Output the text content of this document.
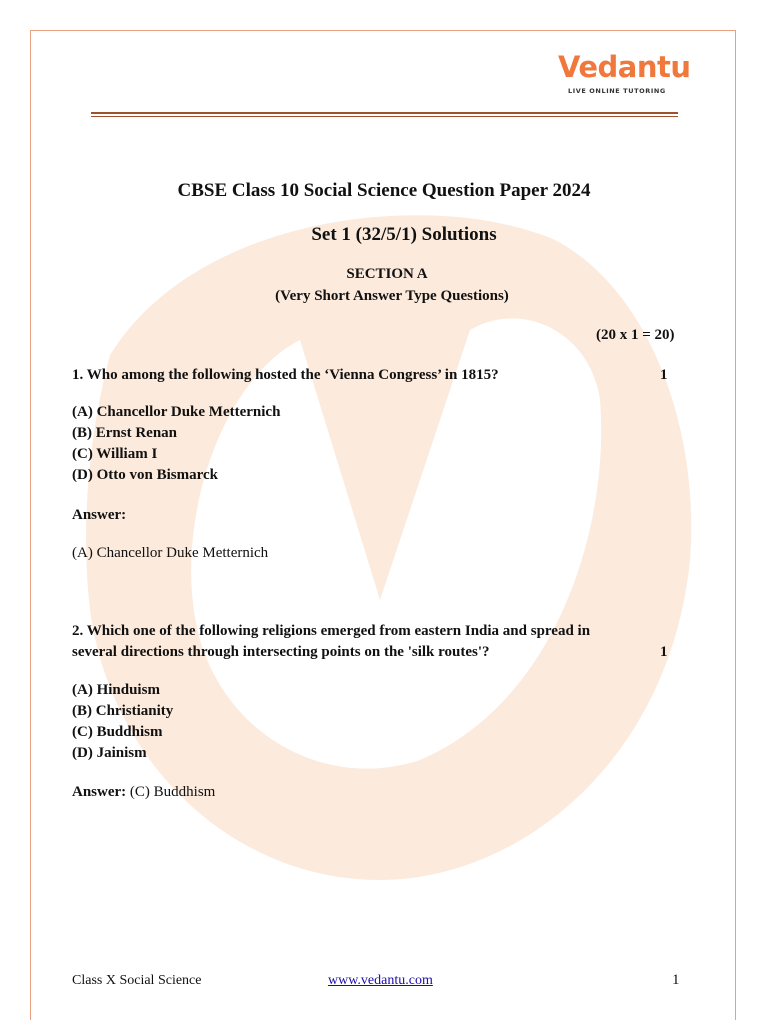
Vedantu
LIVE ONLINE TUTORING
CBSE Class 10 Social Science Question Paper 2024
Set 1 (32/5/1) Solutions
SECTION A
(Very Short Answer Type Questions)
(20 x 1 = 20)
1. Who among the following hosted the ‘Vienna Congress’ in 1815?	1
(A) Chancellor Duke Metternich
(B) Ernst Renan
(C) William I
(D) Otto von Bismarck
Answer:
(A) Chancellor Duke Metternich
2. Which one of the following religions emerged from eastern India and spread in
several directions through intersecting points on the 'silk routes'?	1
(A) Hinduism
(B) Christianity
(C) Buddhism
(D) Jainism
Answer: (C) Buddhism
Class X Social Science	www.vedantu.com	1
